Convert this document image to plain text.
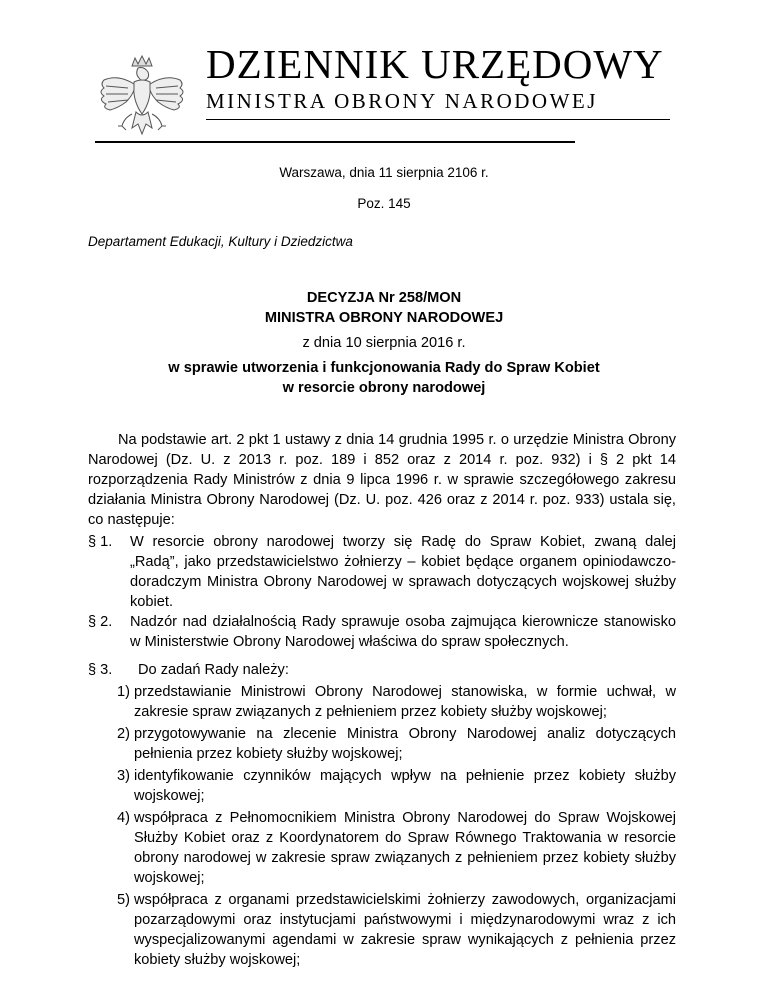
DZIENNIK URZĘDOWY
MINISTRA OBRONY NARODOWEJ
Warszawa, dnia 11 sierpnia 2106 r.
Poz. 145
Departament Edukacji, Kultury i Dziedzictwa
DECYZJA Nr 258/MON
MINISTRA OBRONY NARODOWEJ
z dnia 10 sierpnia 2016 r.
w sprawie utworzenia i funkcjonowania Rady do Spraw Kobiet
w resorcie obrony narodowej
Na podstawie art. 2 pkt 1 ustawy z dnia 14 grudnia 1995 r. o urzędzie Ministra Obrony Narodowej (Dz. U. z 2013 r. poz. 189 i 852 oraz z 2014 r. poz. 932) i § 2 pkt 14 rozporządzenia Rady Ministrów z dnia 9 lipca 1996 r. w sprawie szczegółowego zakresu działania Ministra Obrony Narodowej (Dz. U. poz. 426 oraz z 2014 r. poz. 933) ustala się, co następuje:
§ 1. W resorcie obrony narodowej tworzy się Radę do Spraw Kobiet, zwaną dalej „Radą”, jako przedstawicielstwo żołnierzy – kobiet będące organem opiniodawczo-doradczym Ministra Obrony Narodowej w sprawach dotyczących wojskowej służby kobiet.
§ 2. Nadzór nad działalnością Rady sprawuje osoba zajmująca kierownicze stanowisko w Ministerstwie Obrony Narodowej właściwa do spraw społecznych.
§ 3. Do zadań Rady należy:
1) przedstawianie Ministrowi Obrony Narodowej stanowiska, w formie uchwał, w zakresie spraw związanych z pełnieniem przez kobiety służby wojskowej;
2) przygotowywanie na zlecenie Ministra Obrony Narodowej analiz dotyczących pełnienia przez kobiety służby wojskowej;
3) identyfikowanie czynników mających wpływ na pełnienie przez kobiety służby wojskowej;
4) współpraca z Pełnomocnikiem Ministra Obrony Narodowej do Spraw Wojskowej Służby Kobiet oraz z Koordynatorem do Spraw Równego Traktowania w resorcie obrony narodowej w zakresie spraw związanych z pełnieniem przez kobiety służby wojskowej;
5) współpraca z organami przedstawicielskimi żołnierzy zawodowych, organizacjami pozarządowymi oraz instytucjami państwowymi i międzynarodowymi wraz z ich wyspecjalizowanymi agendami w zakresie spraw wynikających z pełnienia przez kobiety służby wojskowej;
